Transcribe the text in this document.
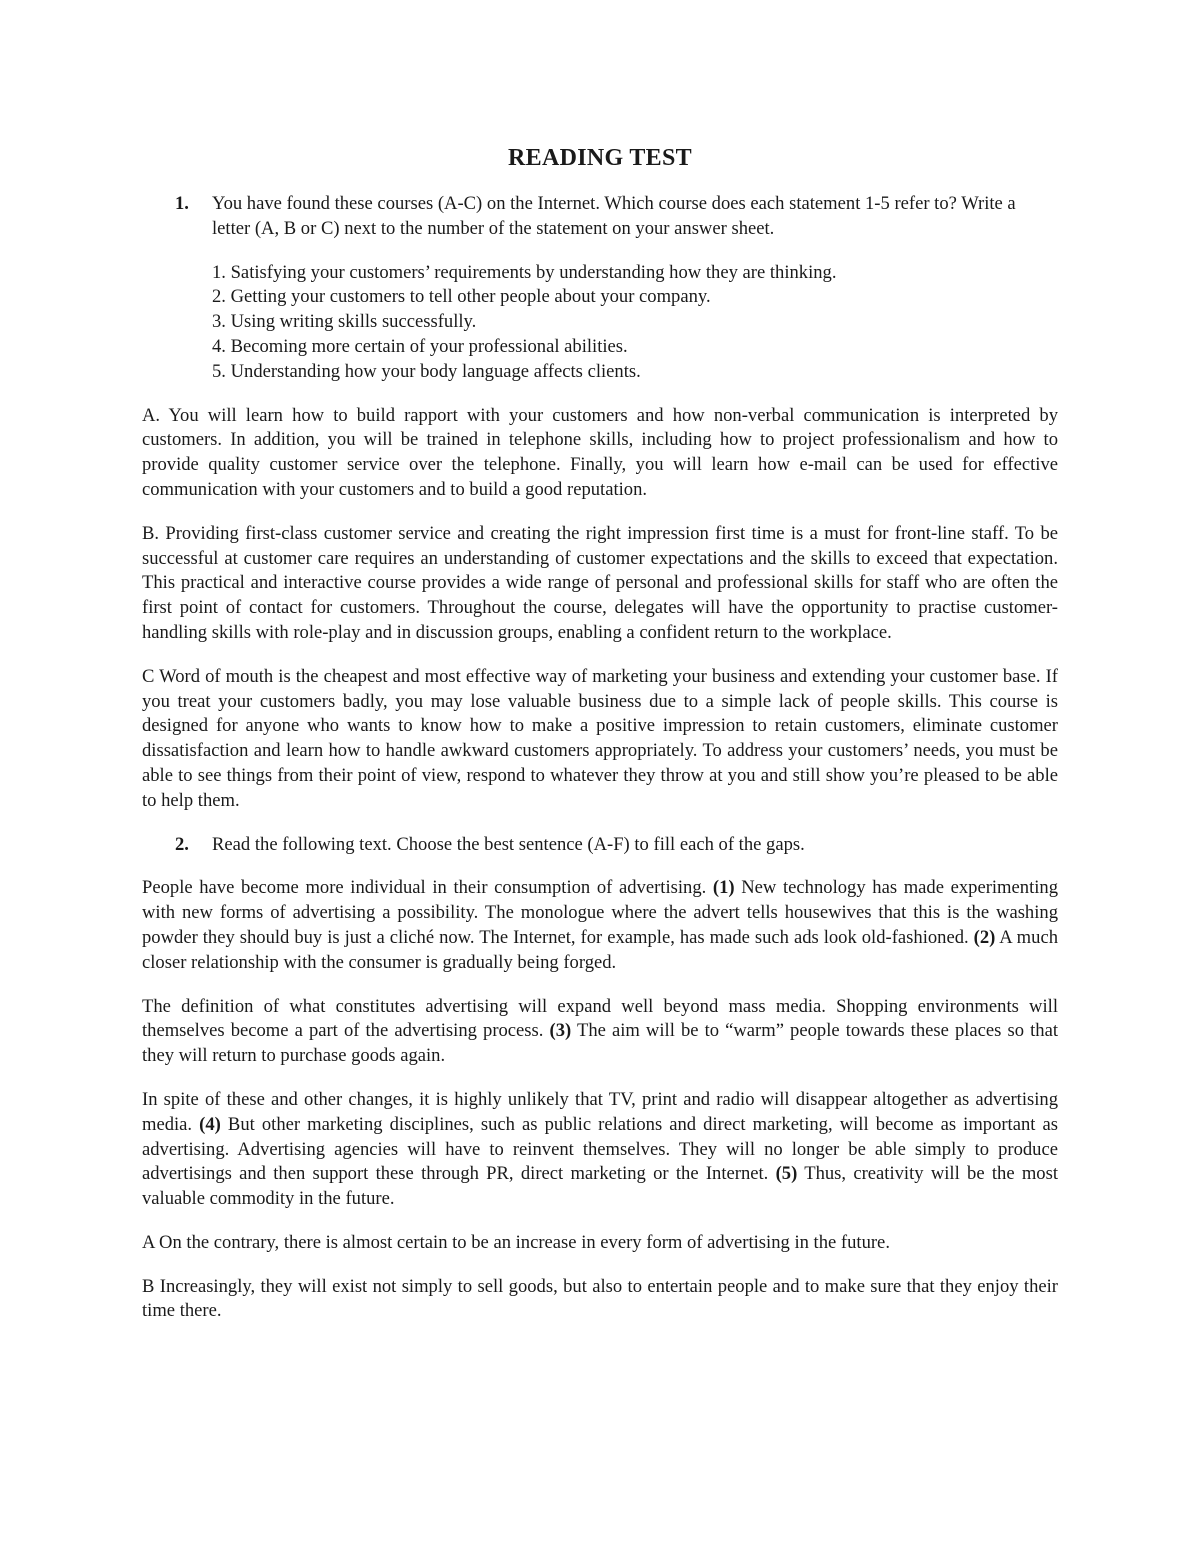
READING TEST

1. You have found these courses (A-C) on the Internet. Which course does each statement 1-5 refer to? Write a letter (A, B or C) next to the number of the statement on your answer sheet.

1. Satisfying your customers’ requirements by understanding how they are thinking.
2. Getting your customers to tell other people about your company.
3. Using writing skills successfully.
4. Becoming more certain of your professional abilities.
5. Understanding how your body language affects clients.

A. You will learn how to build rapport with your customers and how non-verbal communication is interpreted by customers. In addition, you will be trained in telephone skills, including how to project professionalism and how to provide quality customer service over the telephone. Finally, you will learn how e-mail can be used for effective communication with your customers and to build a good reputation.

B. Providing first-class customer service and creating the right impression first time is a must for front-line staff. To be successful at customer care requires an understanding of customer expectations and the skills to exceed that expectation. This practical and interactive course provides a wide range of personal and professional skills for staff who are often the first point of contact for customers. Throughout the course, delegates will have the opportunity to practise customer-handling skills with role-play and in discussion groups, enabling a confident return to the workplace.

C Word of mouth is the cheapest and most effective way of marketing your business and extending your customer base. If you treat your customers badly, you may lose valuable business due to a simple lack of people skills. This course is designed for anyone who wants to know how to make a positive impression to retain customers, eliminate customer dissatisfaction and learn how to handle awkward customers appropriately. To address your customers’ needs, you must be able to see things from their point of view, respond to whatever they throw at you and still show you’re pleased to be able to help them.

2. Read the following text. Choose the best sentence (A-F) to fill each of the gaps.

People have become more individual in their consumption of advertising. (1) New technology has made experimenting with new forms of advertising a possibility. The monologue where the advert tells housewives that this is the washing powder they should buy is just a cliché now. The Internet, for example, has made such ads look old-fashioned. (2) A much closer relationship with the consumer is gradually being forged.

The definition of what constitutes advertising will expand well beyond mass media. Shopping environments will themselves become a part of the advertising process. (3) The aim will be to “warm” people towards these places so that they will return to purchase goods again.

In spite of these and other changes, it is highly unlikely that TV, print and radio will disappear altogether as advertising media. (4) But other marketing disciplines, such as public relations and direct marketing, will become as important as advertising. Advertising agencies will have to reinvent themselves. They will no longer be able simply to produce advertisings and then support these through PR, direct marketing or the Internet. (5) Thus, creativity will be the most valuable commodity in the future.

A On the contrary, there is almost certain to be an increase in every form of advertising in the future.

B Increasingly, they will exist not simply to sell goods, but also to entertain people and to make sure that they enjoy their time there.
